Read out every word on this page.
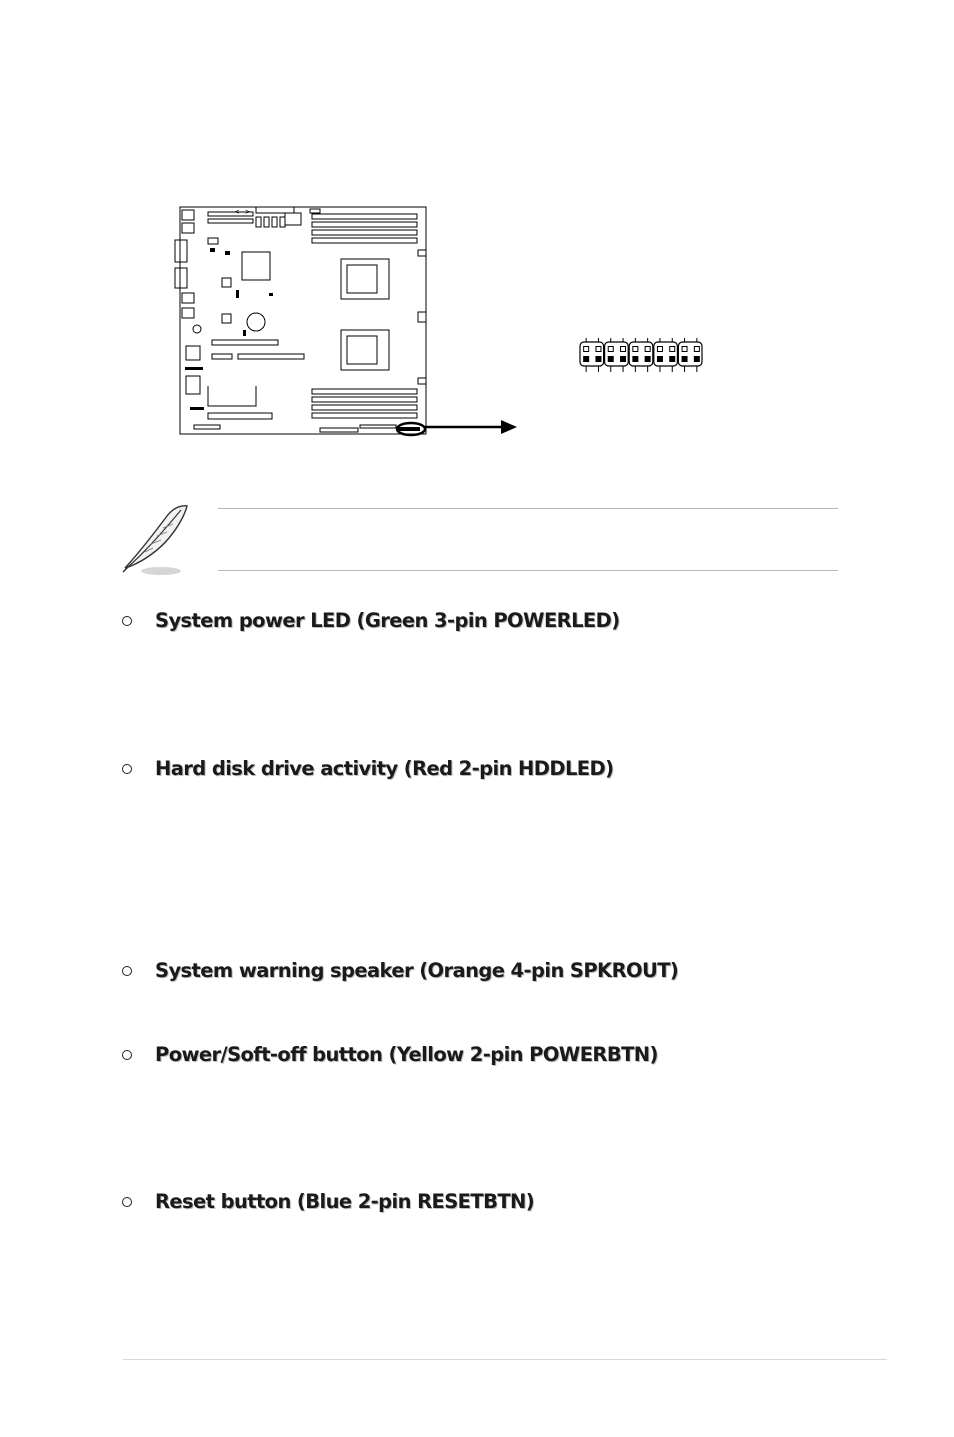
<-->
System power LED (Green 3-pin POWERLED)
Hard disk drive activity (Red 2-pin HDDLED)
System warning speaker (Orange 4-pin SPKROUT)
Power/Soft-off button (Yellow 2-pin POWERBTN)
Reset button (Blue 2-pin RESETBTN)
